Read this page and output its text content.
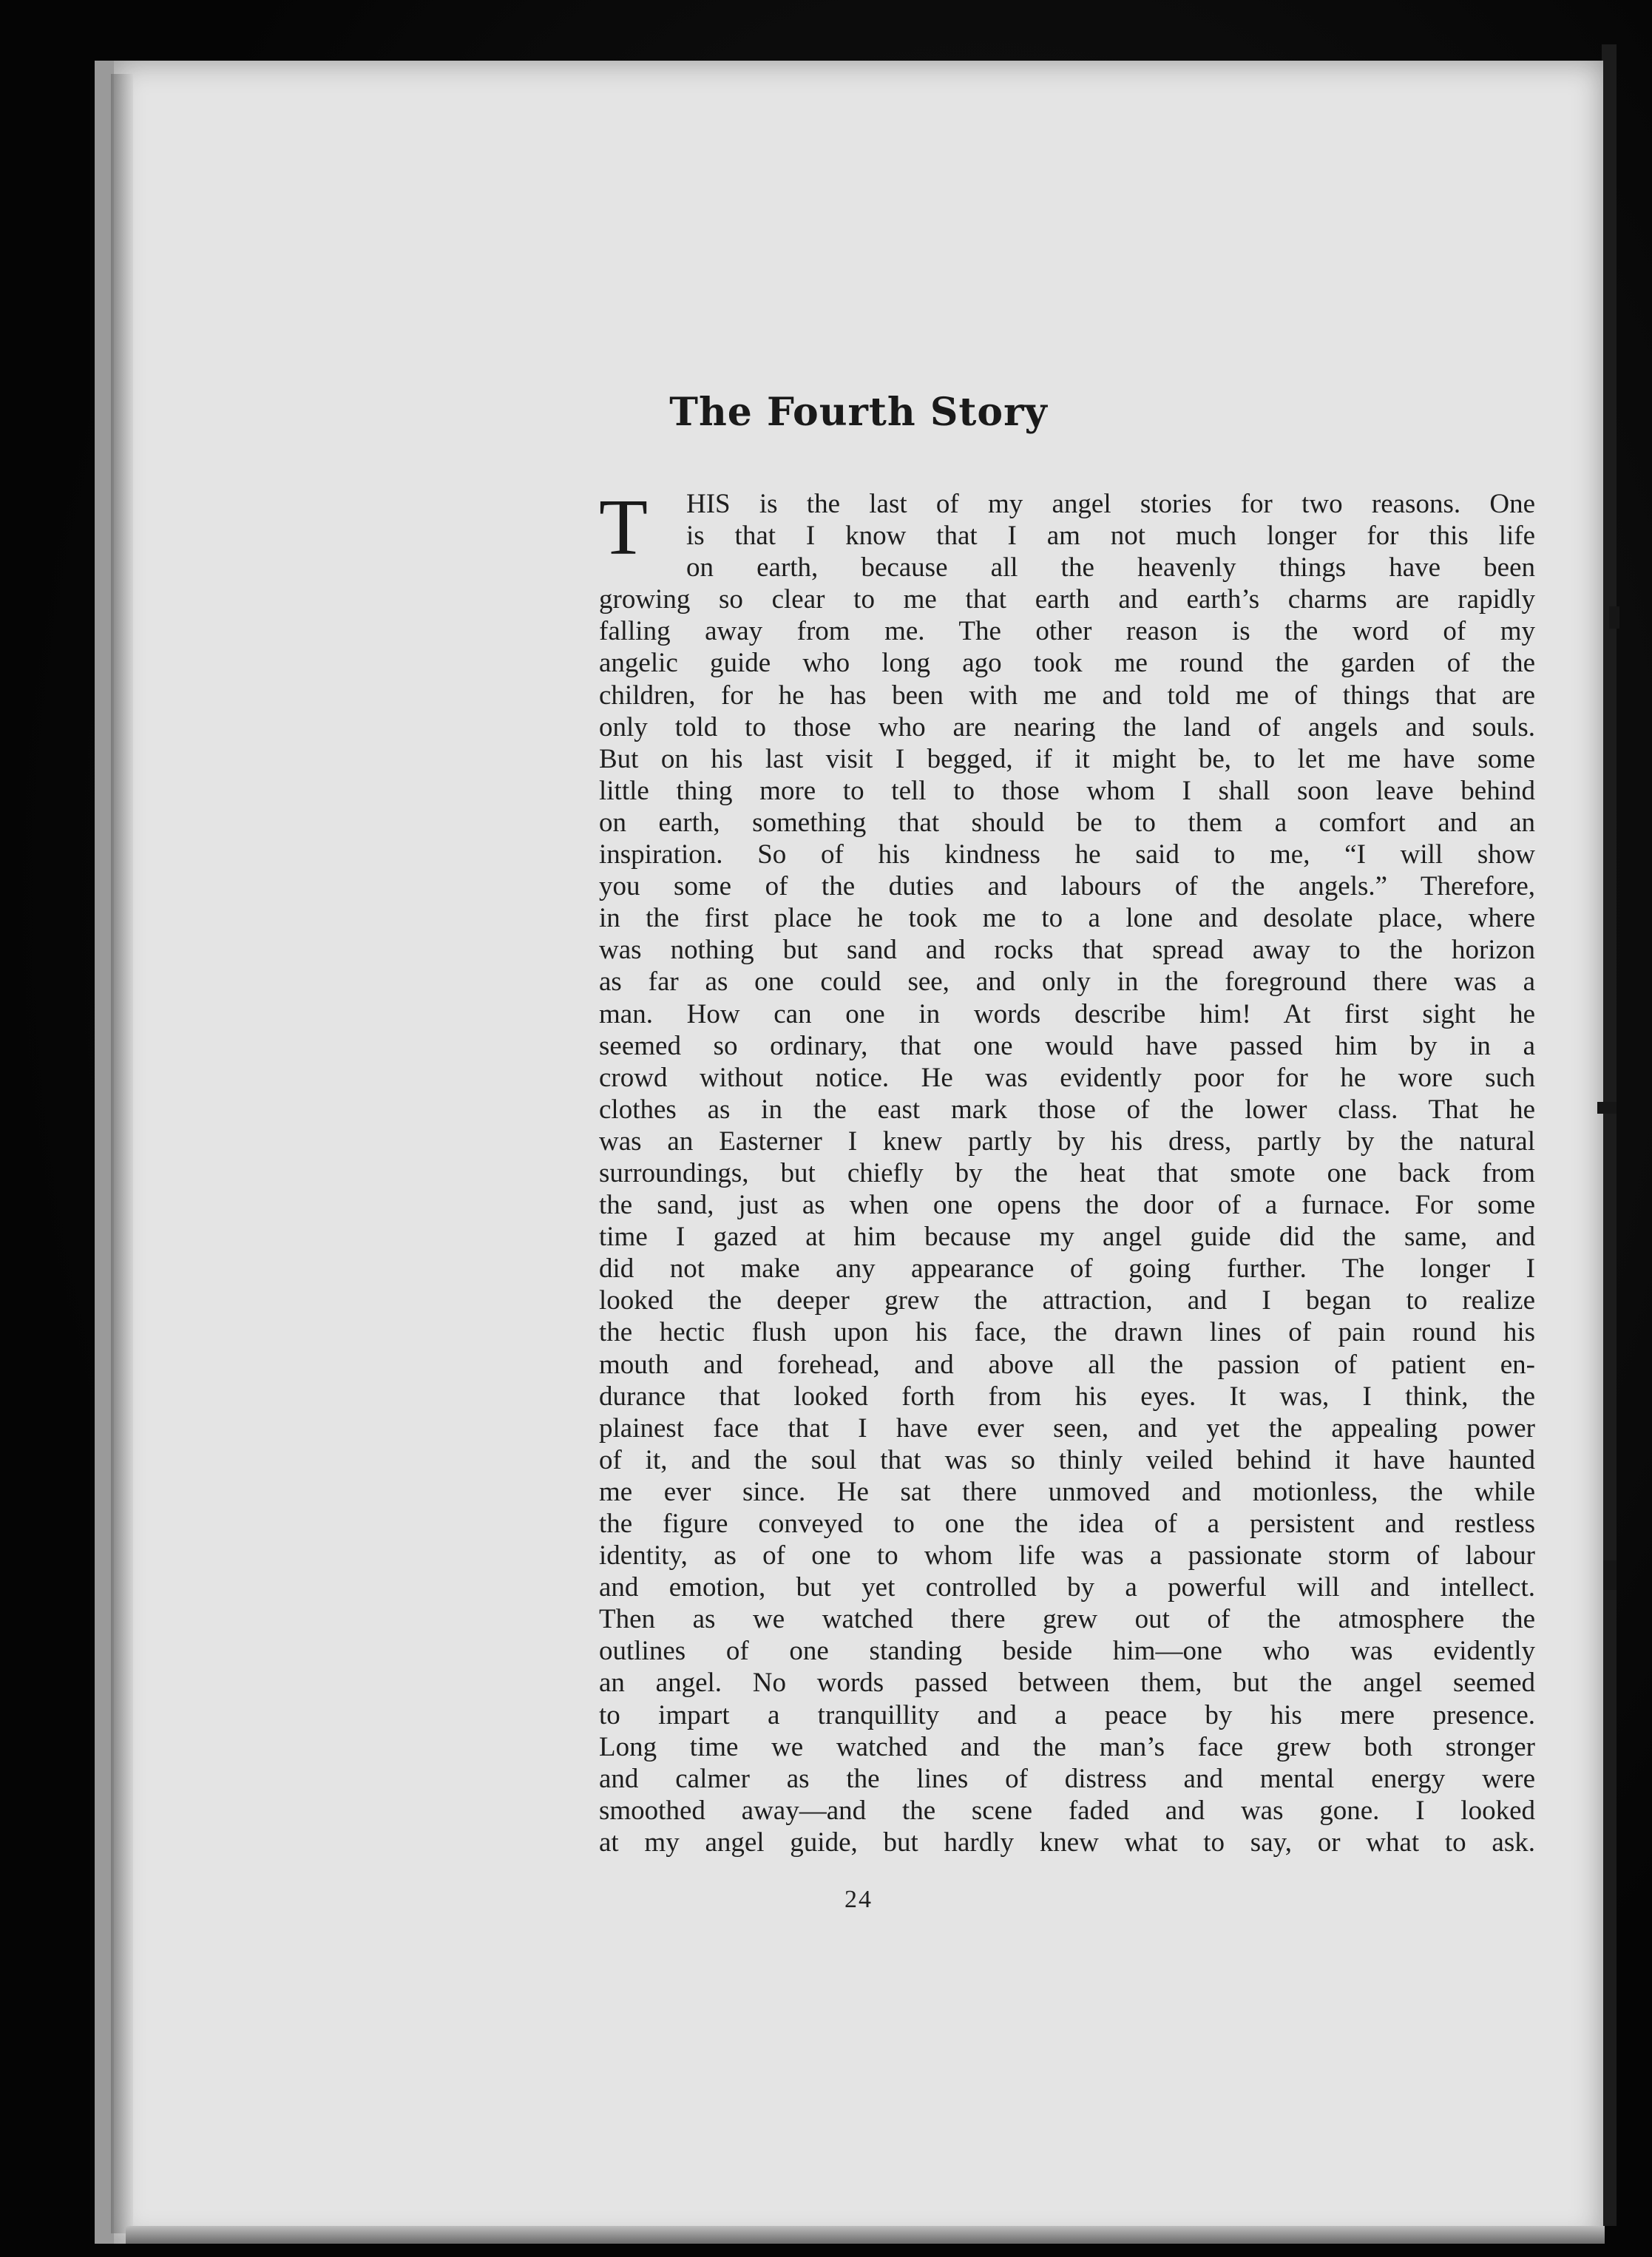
The Fourth Story
T	HIS is the last of my angel stories for two reasons. One
is that I know that I am not much longer for this life
on earth, because all the heavenly things have been
growing so clear to me that earth and earth’s charms are rapidly
falling away from me. The other reason is the word of my
angelic guide who long ago took me round the garden of the
children, for he has been with me and told me of things that are
only told to those who are nearing the land of angels and souls.
But on his last visit I begged, if it might be, to let me have some
little thing more to tell to those whom I shall soon leave behind
on earth, something that should be to them a comfort and an
inspiration. So of his kindness he said to me, “I will show
you some of the duties and labours of the angels.” Therefore,
in the first place he took me to a lone and desolate place, where
was nothing but sand and rocks that spread away to the horizon
as far as one could see, and only in the foreground there was a
man. How can one in words describe him! At first sight he
seemed so ordinary, that one would have passed him by in a
crowd without notice. He was evidently poor for he wore such
clothes as in the east mark those of the lower class. That he
was an Easterner I knew partly by his dress, partly by the natural
surroundings, but chiefly by the heat that smote one back from
the sand, just as when one opens the door of a furnace. For some
time I gazed at him because my angel guide did the same, and
did not make any appearance of going further. The longer I
looked the deeper grew the attraction, and I began to realize
the hectic flush upon his face, the drawn lines of pain round his
mouth and forehead, and above all the passion of patient en-
durance that looked forth from his eyes. It was, I think, the
plainest face that I have ever seen, and yet the appealing power
of it, and the soul that was so thinly veiled behind it have haunted
me ever since. He sat there unmoved and motionless, the while
the figure conveyed to one the idea of a persistent and restless
identity, as of one to whom life was a passionate storm of labour
and emotion, but yet controlled by a powerful will and intellect.
Then as we watched there grew out of the atmosphere the
outlines of one standing beside him—one who was evidently
an angel. No words passed between them, but the angel seemed
to impart a tranquillity and a peace by his mere presence.
Long time we watched and the man’s face grew both stronger
and calmer as the lines of distress and mental energy were
smoothed away—and the scene faded and was gone. I looked
at my angel guide, but hardly knew what to say, or what to ask.
24
